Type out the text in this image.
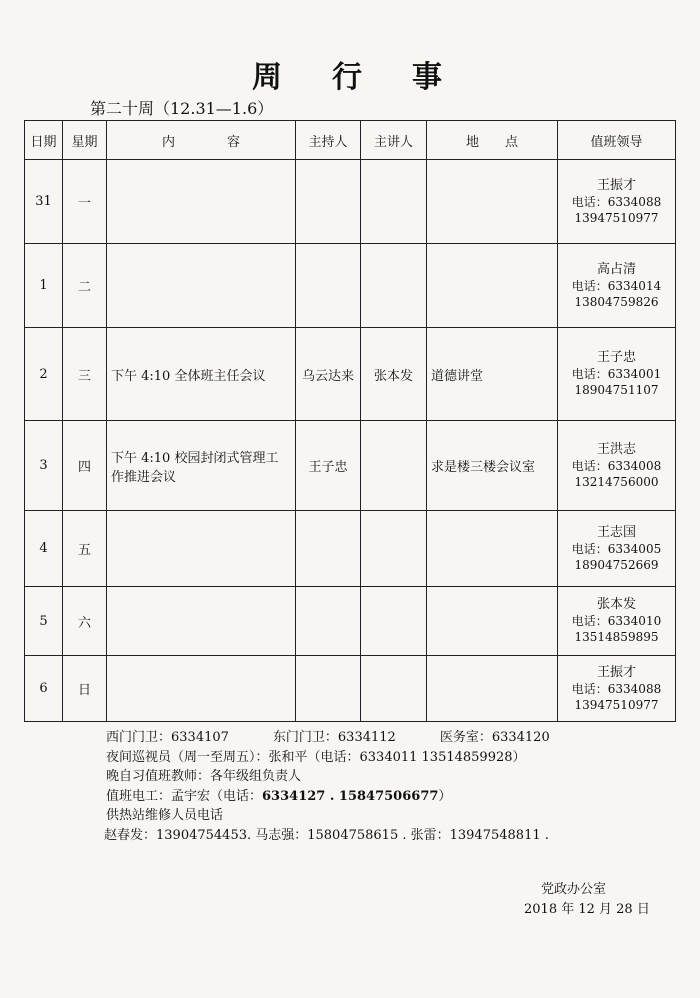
周 行 事
第二十周（12.31—1.6）
日期	星期	内　　　　容	主持人	主讲人	地　　点	值班领导
31	一					王振才
电话：6334088
13947510977

1	二					高占清
电话：6334014
13804759826

2	三	下午 4:10 全体班主任会议	乌云达来	张本发	道德讲堂	王子忠
电话：6334001
18904751107

3	四	下午 4:10 校园封闭式管理工作推进会议	王子忠		求是楼三楼会议室	王洪志
电话：6334008
13214756000

4	五					王志国
电话：6334005
18904752669

5	六					张本发
电话：6334010
13514859895

6	日					王振才
电话：6334088
13947510977
西门门卫：6334107	东门门卫：6334112	医务室：6334120
夜间巡视员（周一至周五）：张和平（电话：6334011 13514859928）
晚自习值班教师：各年级组负责人
值班电工：孟宇宏（电话：6334127 . 15847506677）
供热站维修人员电话
赵春发：13904754453. 马志强：15804758615 . 张雷：13947548811 .
党政办公室
2018 年 12 月 28 日
